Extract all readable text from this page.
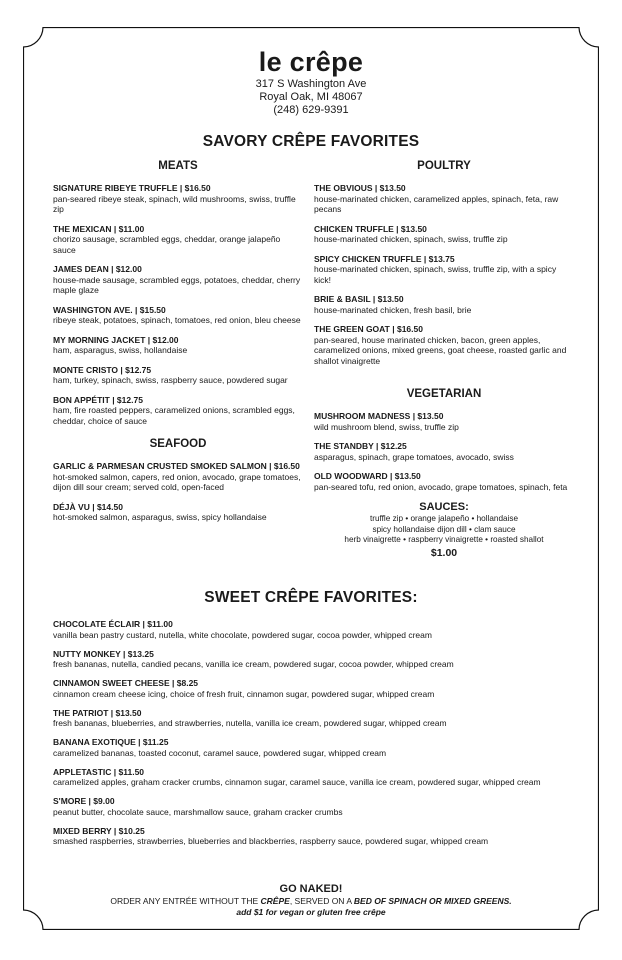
le crêpe
317 S Washington Ave
Royal Oak, MI 48067
(248) 629-9391
SAVORY CRÊPE FAVORITES
MEATS
SIGNATURE RIBEYE TRUFFLE | $16.50
pan-seared ribeye steak, spinach, wild mushrooms, swiss, truffle zip
THE MEXICAN | $11.00
chorizo sausage, scrambled eggs, cheddar, orange jalapeño sauce
JAMES DEAN | $12.00
house-made sausage, scrambled eggs, potatoes, cheddar, cherry maple glaze
WASHINGTON AVE. | $15.50
ribeye steak, potatoes, spinach, tomatoes, red onion, bleu cheese
MY MORNING JACKET | $12.00
ham, asparagus, swiss, hollandaise
MONTE CRISTO | $12.75
ham, turkey, spinach, swiss, raspberry sauce, powdered sugar
BON APPÉTIT | $12.75
ham, fire roasted peppers, caramelized onions, scrambled eggs, cheddar, choice of sauce
SEAFOOD
GARLIC & PARMESAN CRUSTED SMOKED SALMON | $16.50
hot-smoked salmon, capers, red onion, avocado, grape tomatoes, dijon dill sour cream; served cold, open-faced
DÉJÀ VU | $14.50
hot-smoked salmon, asparagus, swiss, spicy hollandaise
POULTRY
THE OBVIOUS | $13.50
house-marinated chicken, caramelized apples, spinach, feta, raw pecans
CHICKEN TRUFFLE | $13.50
house-marinated chicken, spinach, swiss, truffle zip
SPICY CHICKEN TRUFFLE | $13.75
house-marinated chicken, spinach, swiss, truffle zip, with a spicy kick!
BRIE & BASIL | $13.50
house-marinated chicken, fresh basil, brie
THE GREEN GOAT | $16.50
pan-seared, house marinated chicken, bacon, green apples, caramelized onions, mixed greens, goat cheese, roasted garlic and shallot vinaigrette
VEGETARIAN
MUSHROOM MADNESS | $13.50
wild mushroom blend, swiss, truffle zip
THE STANDBY | $12.25
asparagus, spinach, grape tomatoes, avocado, swiss
OLD WOODWARD | $13.50
pan-seared tofu, red onion, avocado, grape tomatoes, spinach, feta
SAUCES:
truffle zip • orange jalapeño • hollandaise
spicy hollandaise dijon dill • clam sauce
herb vinaigrette • raspberry vinaigrette • roasted shallot
$1.00
SWEET CRÊPE FAVORITES:
CHOCOLATE ÉCLAIR | $11.00
vanilla bean pastry custard, nutella, white chocolate, powdered sugar, cocoa powder, whipped cream
NUTTY MONKEY | $13.25
fresh bananas, nutella, candied pecans, vanilla ice cream, powdered sugar, cocoa powder, whipped cream
CINNAMON SWEET CHEESE | $8.25
cinnamon cream cheese icing, choice of fresh fruit, cinnamon sugar, powdered sugar, whipped cream
THE PATRIOT | $13.50
fresh bananas, blueberries, and strawberries, nutella, vanilla ice cream, powdered sugar, whipped cream
BANANA EXOTIQUE | $11.25
caramelized bananas, toasted coconut, caramel sauce, powdered sugar, whipped cream
APPLETASTIC | $11.50
caramelized apples, graham cracker crumbs, cinnamon sugar, caramel sauce, vanilla ice cream, powdered sugar, whipped cream
S'MORE | $9.00
peanut butter, chocolate sauce, marshmallow sauce, graham cracker crumbs
MIXED BERRY | $10.25
smashed raspberries, strawberries, blueberries and blackberries, raspberry sauce, powdered sugar, whipped cream
GO NAKED!
ORDER ANY ENTRÉE WITHOUT THE CRÊPE, SERVED ON A BED OF SPINACH OR MIXED GREENS.
add $1 for vegan or gluten free crêpe
